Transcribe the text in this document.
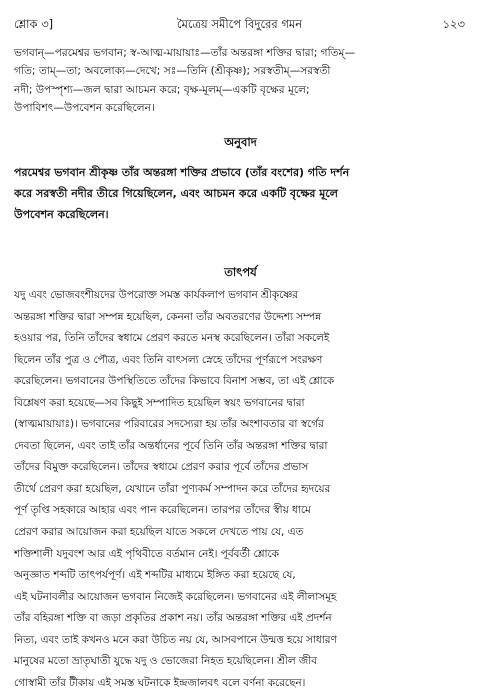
শ্লোক ৩]	মৈত্রেয় সমীপে বিদুরের গমন	১২৩
ভগবান্—পরমেশ্বর ভগবান; স্ব-আত্ম-মায়ায়াঃ—তাঁর অন্তরঙ্গা শক্তির দ্বারা; গতিম্—
গতি; তাম্—তা; অবলোক্য—দেখে; সঃ—তিনি (শ্রীকৃষ্ণ); সরস্বতীম্—সরস্বতী
নদী; উপস্পৃশ্য—জল দ্বারা আচমন করে; বৃক্ষ-মূলম্—একটি বৃক্ষের মূলে;
উপাবিশৎ—উপবেশন করেছিলেন।
অনুবাদ
পরমেশ্বর ভগবান শ্রীকৃষ্ণ তাঁর অন্তরঙ্গা শক্তির প্রভাবে (তাঁর বংশের) গতি দর্শন
করে সরস্বতী নদীর তীরে গিয়েছিলেন, এবং আচমন করে একটি বৃক্ষের মূলে
উপবেশন করেছিলেন।
তাৎপর্য
যদু এবং ভোজবংশীয়দের উপরোক্ত সমস্ত কার্যকলাপ ভগবান শ্রীকৃষ্ণের
অন্তরঙ্গা শক্তির দ্বারা সম্পন্ন হয়েছিল, কেননা তাঁর অবতরণের উদ্দেশ্য সম্পন্ন
হওয়ার পর, তিনি তাঁদের স্বধামে প্রেরণ করতে মনস্থ করেছিলেন। তাঁরা সকলেই
ছিলেন তাঁর পুত্র ও পৌত্র, এবং তিনি বাৎসল্য স্নেহে তাঁদের পূর্ণরূপে সংরক্ষণ
করেছিলেন। ভগবানের উপস্থিতিতে তাঁদের কিভাবে বিনাশ সম্ভব, তা এই শ্লোকে
বিশ্লেষণ করা হয়েছে—সব কিছুই সম্পাদিত হয়েছিল স্বয়ং ভগবানের দ্বারা
(স্বাত্মমায়ায়াঃ)। ভগবানের পরিবারের সদস্যেরা হয় তাঁর অংশাবতার বা স্বর্গের
দেবতা ছিলেন, এবং তাই তাঁর অন্তর্ধানের পূর্বে তিনি তাঁর অন্তরঙ্গা শক্তির দ্বারা
তাঁদের বিমুক্ত করেছিলেন। তাঁদের স্বধামে প্রেরণ করার পূর্বে তাঁদের প্রভাস
তীর্থে প্রেরণ করা হয়েছিল, যেখানে তাঁরা পুণ্যকর্ম সম্পাদন করে তাঁদের হৃদয়ের
পূর্ণ তৃপ্তি সহকারে আহার এবং পান করেছিলেন। তারপর তাঁদের স্বীয় ধামে
প্রেরণ করার আয়োজন করা হয়েছিল যাতে সকলে দেখতে পায় যে, এত
শক্তিশালী যদুবংশ আর এই পৃথিবীতে বর্তমান নেই। পূর্ববর্তী শ্লোকে
অনুজ্ঞাত শব্দটি তাৎপর্যপূর্ণ। এই শব্দটির মাধ্যমে ইঙ্গিত করা হয়েছে যে,
এই ঘটনাবলীর আয়োজন ভগবান নিজেই করেছিলেন। ভগবানের এই লীলাসমূহ
তাঁর বহিরঙ্গা শক্তি বা জড়া প্রকৃতির প্রকাশ নয়। তাঁর অন্তরঙ্গা শক্তির এই প্রদর্শন
নিত্য, এবং তাই কখনও মনে করা উচিত নয় যে, আসবপানে উন্মত্ত হয়ে সাধারণ
মানুষের মতো ভ্রাতৃঘাতী যুদ্ধে যদু ও ভোজেরা নিহত হয়েছিলেন। শ্রীল জীব
গোস্বামী তাঁর টীকায় এই সমস্ত ঘটনাকে ইন্দ্রজালবৎ বলে বর্ণনা করেছেন।
